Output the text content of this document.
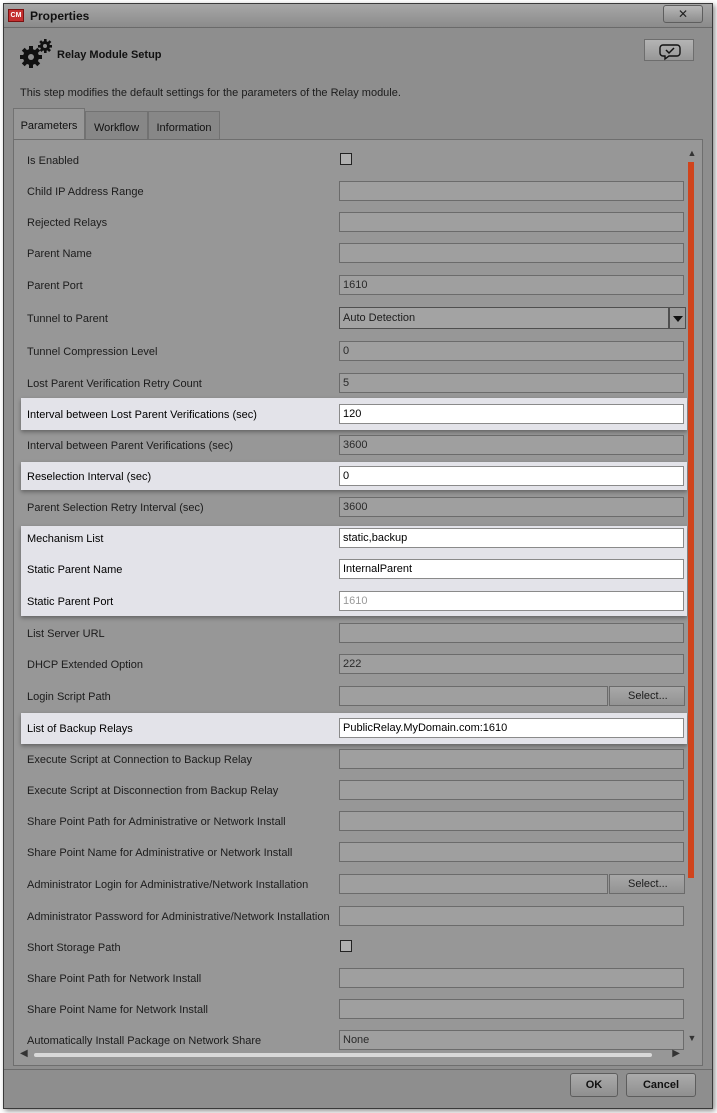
CM Properties	✕
Relay Module Setup
This step modifies the default settings for the parameters of the Relay module.
Parameters	Workflow	Information
Is Enabled
Child IP Address Range
Rejected Relays
Parent Name
Parent Port	1610
Tunnel to Parent	Auto Detection
Tunnel Compression Level	0
Lost Parent Verification Retry Count	5
Interval between Lost Parent Verifications (sec)	120
Interval between Parent Verifications (sec)	3600
Reselection Interval (sec)	0
Parent Selection Retry Interval (sec)	3600
Mechanism List	static,backup
Static Parent Name	InternalParent
Static Parent Port	1610
List Server URL
DHCP Extended Option	222
Login Script Path	Select...
List of Backup Relays	PublicRelay.MyDomain.com:1610
Execute Script at Connection to Backup Relay
Execute Script at Disconnection from Backup Relay
Share Point Path for Administrative or Network Install
Share Point Name for Administrative or Network Install
Administrator Login for Administrative/Network Installation	Select...
Administrator Password for Administrative/Network Installation
Short Storage Path
Share Point Path for Network Install
Share Point Name for Network Install
Automatically Install Package on Network Share	None
▲
▼
◀	▶
OK	Cancel
